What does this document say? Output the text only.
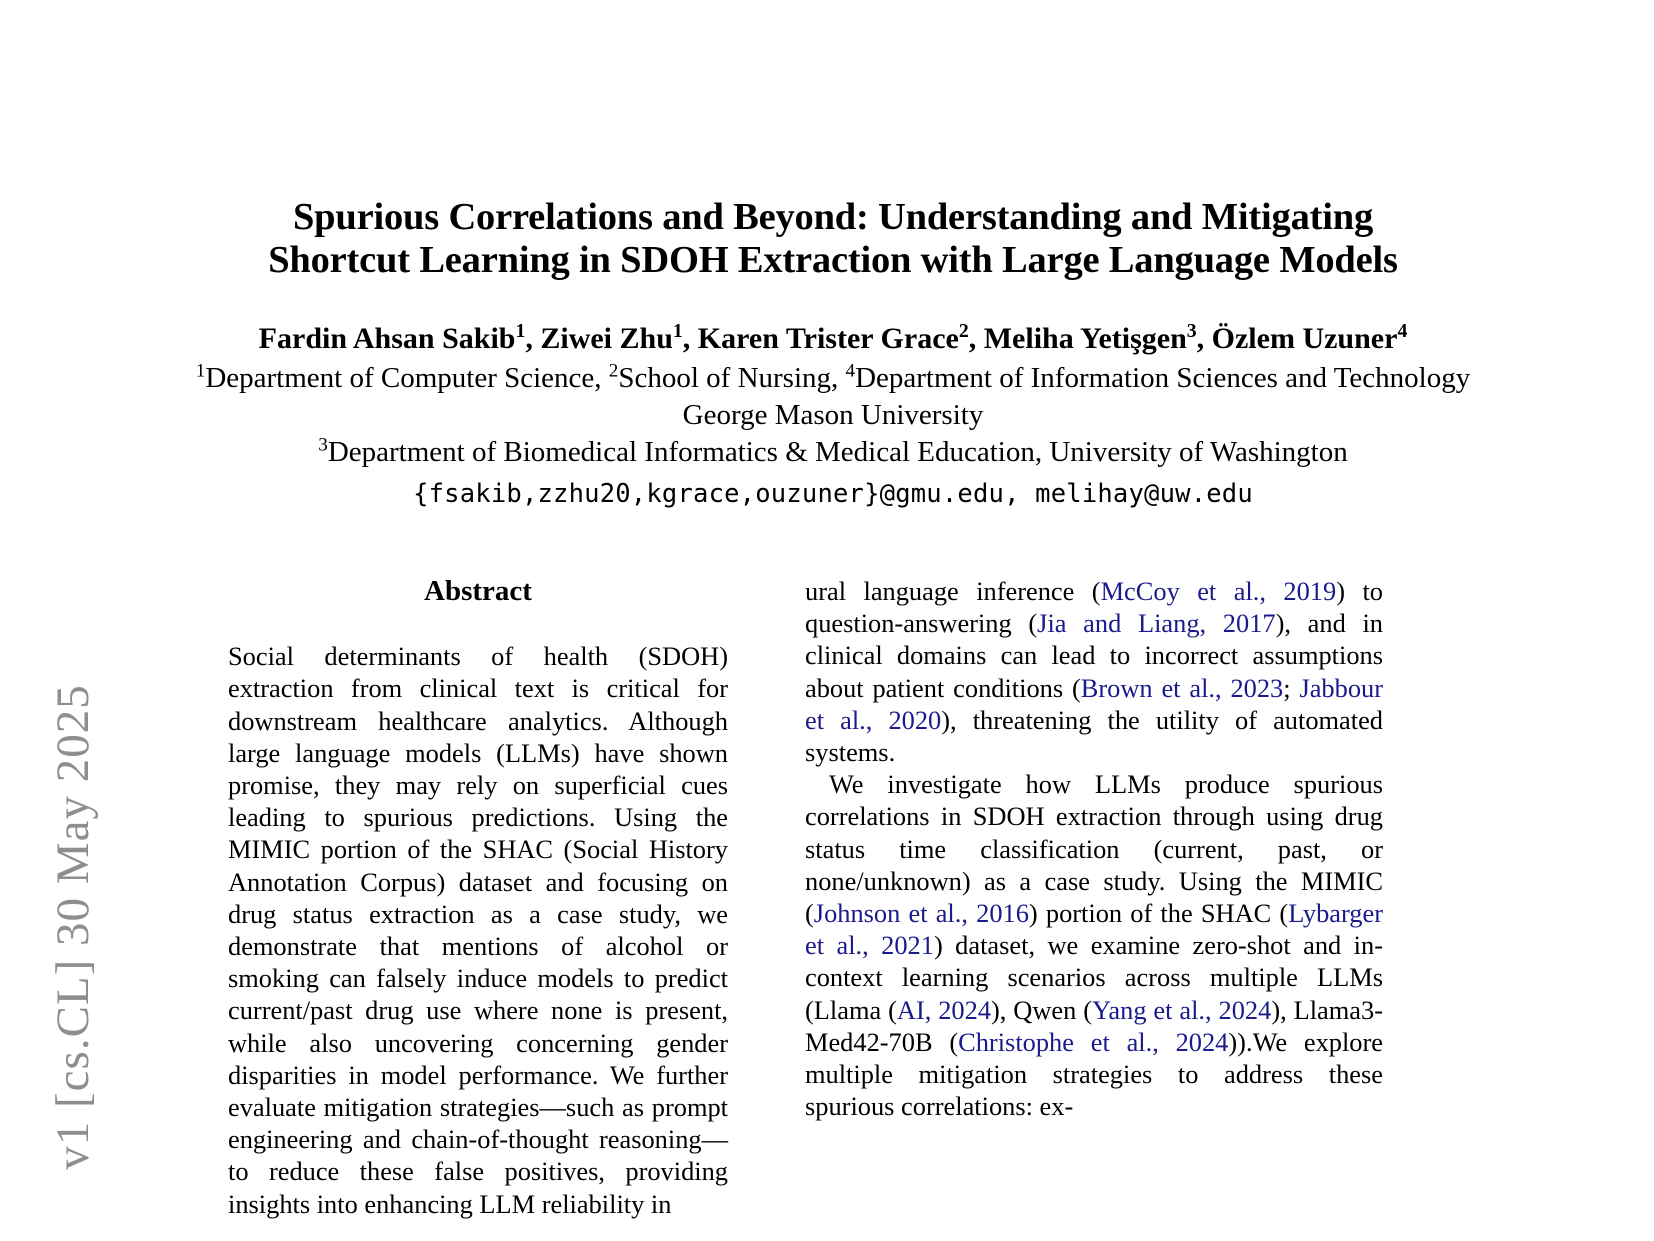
v1 [cs.CL] 30 May 2025
Spurious Correlations and Beyond: Understanding and Mitigating
Shortcut Learning in SDOH Extraction with Large Language Models
Fardin Ahsan Sakib$^1$, Ziwei Zhu$^1$, Karen Trister Grace$^2$, Meliha Yetişgen$^3$, Özlem Uzuner$^4$
$^1$Department of Computer Science, $^2$School of Nursing, $^4$Department of Information Sciences and Technology
George Mason University
$^3$Department of Biomedical Informatics & Medical Education, University of Washington
{fsakib,zzhu20,kgrace,ouzuner}@gmu.edu, melihay@uw.edu
Abstract

Social determinants of health (SDOH) extraction from clinical text is critical for downstream healthcare analytics. Although large language models (LLMs) have shown promise, they may rely on superficial cues leading to spurious predictions. Using the MIMIC portion of the SHAC (Social History Annotation Corpus) dataset and focusing on drug status extraction as a case study, we demonstrate that mentions of alcohol or smoking can falsely induce models to predict current/past drug use where none is present, while also uncovering concerning gender disparities in model performance. We further evaluate mitigation strategies—such as prompt engineering and chain-of-thought reasoning—to reduce these false positives, providing insights into enhancing LLM reliability in

ural language inference (McCoy et al., 2019) to question-answering (Jia and Liang, 2017), and in clinical domains can lead to incorrect assumptions about patient conditions (Brown et al., 2023; Jabbour et al., 2020), threatening the utility of automated systems.

We investigate how LLMs produce spurious correlations in SDOH extraction through using drug status time classification (current, past, or none/unknown) as a case study. Using the MIMIC (Johnson et al., 2016) portion of the SHAC (Lybarger et al., 2021) dataset, we examine zero-shot and in-context learning scenarios across multiple LLMs (Llama (AI, 2024), Qwen (Yang et al., 2024), Llama3-Med42-70B (Christophe et al., 2024)).We explore multiple mitigation strategies to address these spurious correlations: ex-
